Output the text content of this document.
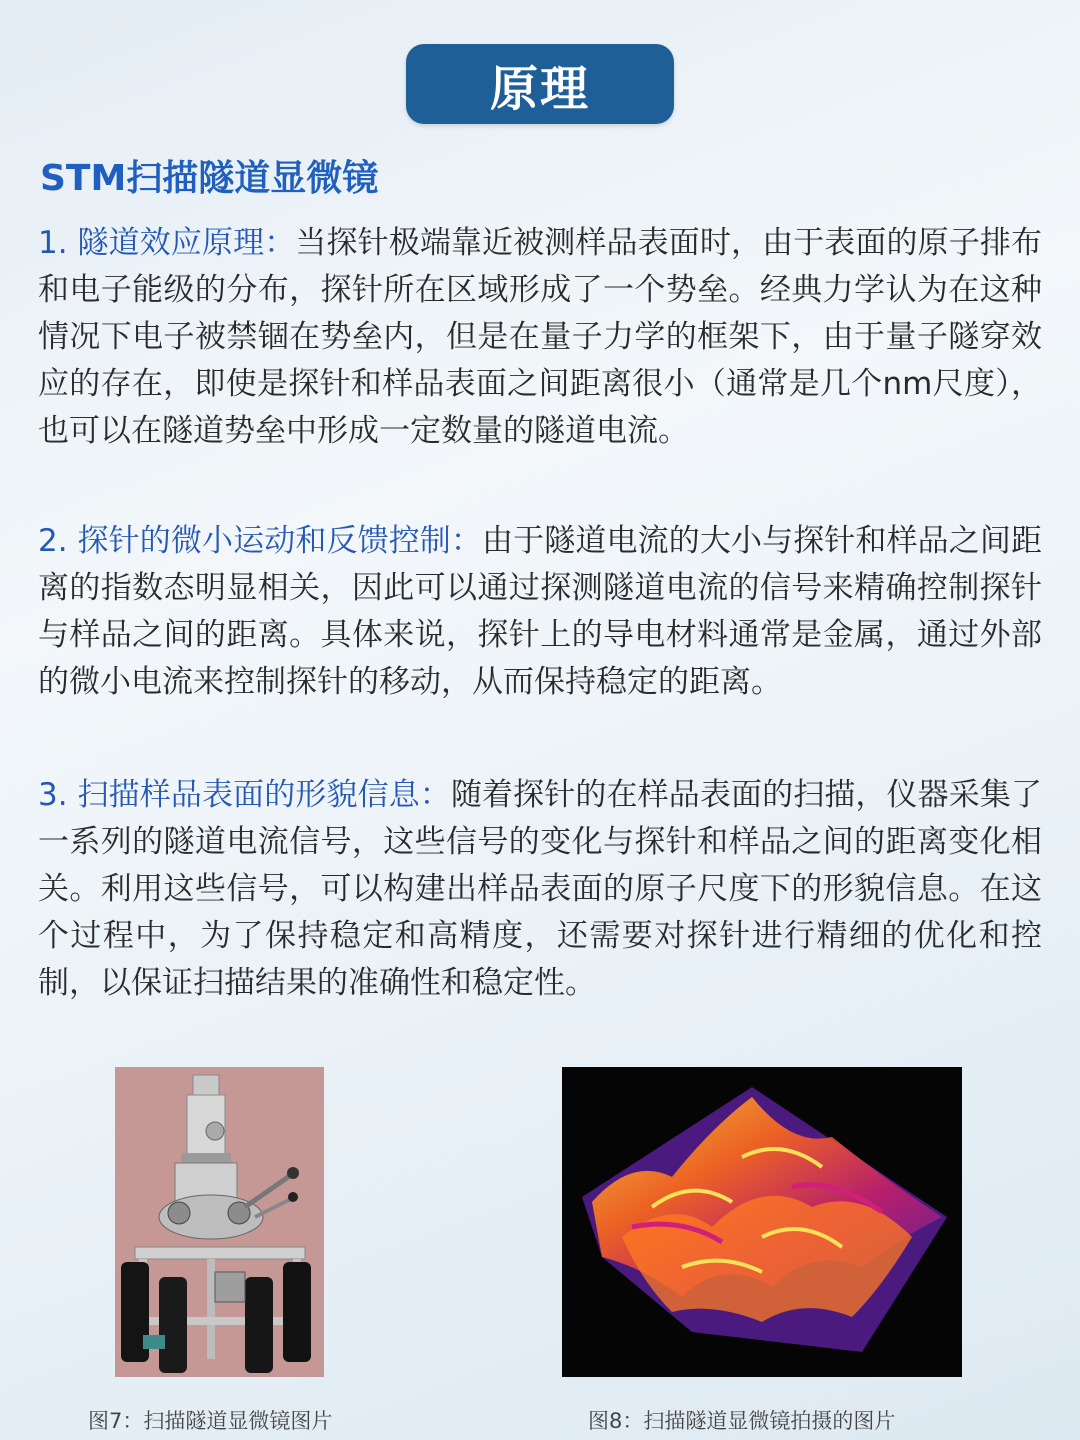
原理
STM扫描隧道显微镜
1. 隧道效应原理：当探针极端靠近被测样品表面时，由于表面的原子排布和电子能级的分布，探针所在区域形成了一个势垒。经典力学认为在这种情况下电子被禁锢在势垒内，但是在量子力学的框架下，由于量子隧穿效应的存在，即使是探针和样品表面之间距离很小（通常是几个nm尺度），也可以在隧道势垒中形成一定数量的隧道电流。
2. 探针的微小运动和反馈控制：由于隧道电流的大小与探针和样品之间距离的指数态明显相关，因此可以通过探测隧道电流的信号来精确控制探针与样品之间的距离。具体来说，探针上的导电材料通常是金属，通过外部的微小电流来控制探针的移动，从而保持稳定的距离。
3. 扫描样品表面的形貌信息：随着探针的在样品表面的扫描，仪器采集了一系列的隧道电流信号，这些信号的变化与探针和样品之间的距离变化相关。利用这些信号，可以构建出样品表面的原子尺度下的形貌信息。在这个过程中，为了保持稳定和高精度，还需要对探针进行精细的优化和控制，以保证扫描结果的准确性和稳定性。
图7：扫描隧道显微镜图片	图8：扫描隧道显微镜拍摄的图片
